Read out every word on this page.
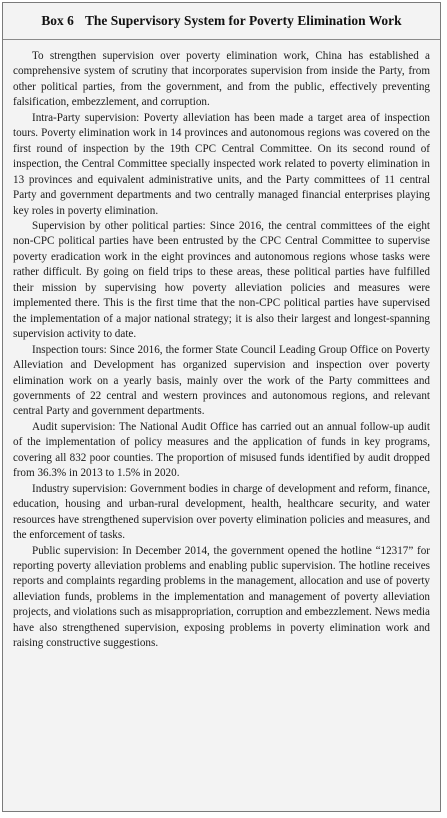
Box 6 The Supervisory System for Poverty Elimination Work

To strengthen supervision over poverty elimination work, China has established a comprehensive system of scrutiny that incorporates supervision from inside the Party, from other political parties, from the government, and from the public, effectively preventing falsification, embezzlement, and corruption.

Intra-Party supervision: Poverty alleviation has been made a target area of inspection tours. Poverty elimination work in 14 provinces and autonomous regions was covered on the first round of inspection by the 19th CPC Central Committee. On its second round of inspection, the Central Committee specially inspected work related to poverty elimination in 13 provinces and equivalent administrative units, and the Party committees of 11 central Party and government departments and two centrally managed financial enterprises playing key roles in poverty elimination.

Supervision by other political parties: Since 2016, the central committees of the eight non-CPC political parties have been entrusted by the CPC Central Committee to supervise poverty eradication work in the eight provinces and autonomous regions whose tasks were rather difficult. By going on field trips to these areas, these political parties have fulfilled their mission by supervising how poverty alleviation policies and measures were implemented there. This is the first time that the non-CPC political parties have supervised the implementation of a major national strategy; it is also their largest and longest-spanning supervision activity to date.

Inspection tours: Since 2016, the former State Council Leading Group Office on Poverty Alleviation and Development has organized supervision and inspection over poverty elimination work on a yearly basis, mainly over the work of the Party committees and governments of 22 central and western provinces and autonomous regions, and relevant central Party and government departments.

Audit supervision: The National Audit Office has carried out an annual follow-up audit of the implementation of policy measures and the application of funds in key programs, covering all 832 poor counties. The proportion of misused funds identified by audit dropped from 36.3% in 2013 to 1.5% in 2020.

Industry supervision: Government bodies in charge of development and reform, finance, education, housing and urban-rural development, health, healthcare security, and water resources have strengthened supervision over poverty elimination policies and measures, and the enforcement of tasks.

Public supervision: In December 2014, the government opened the hotline “12317” for reporting poverty alleviation problems and enabling public supervision. The hotline receives reports and complaints regarding problems in the management, allocation and use of poverty alleviation funds, problems in the implementation and management of poverty alleviation projects, and violations such as misappropriation, corruption and embezzlement. News media have also strengthened supervision, exposing problems in poverty elimination work and raising constructive suggestions.
